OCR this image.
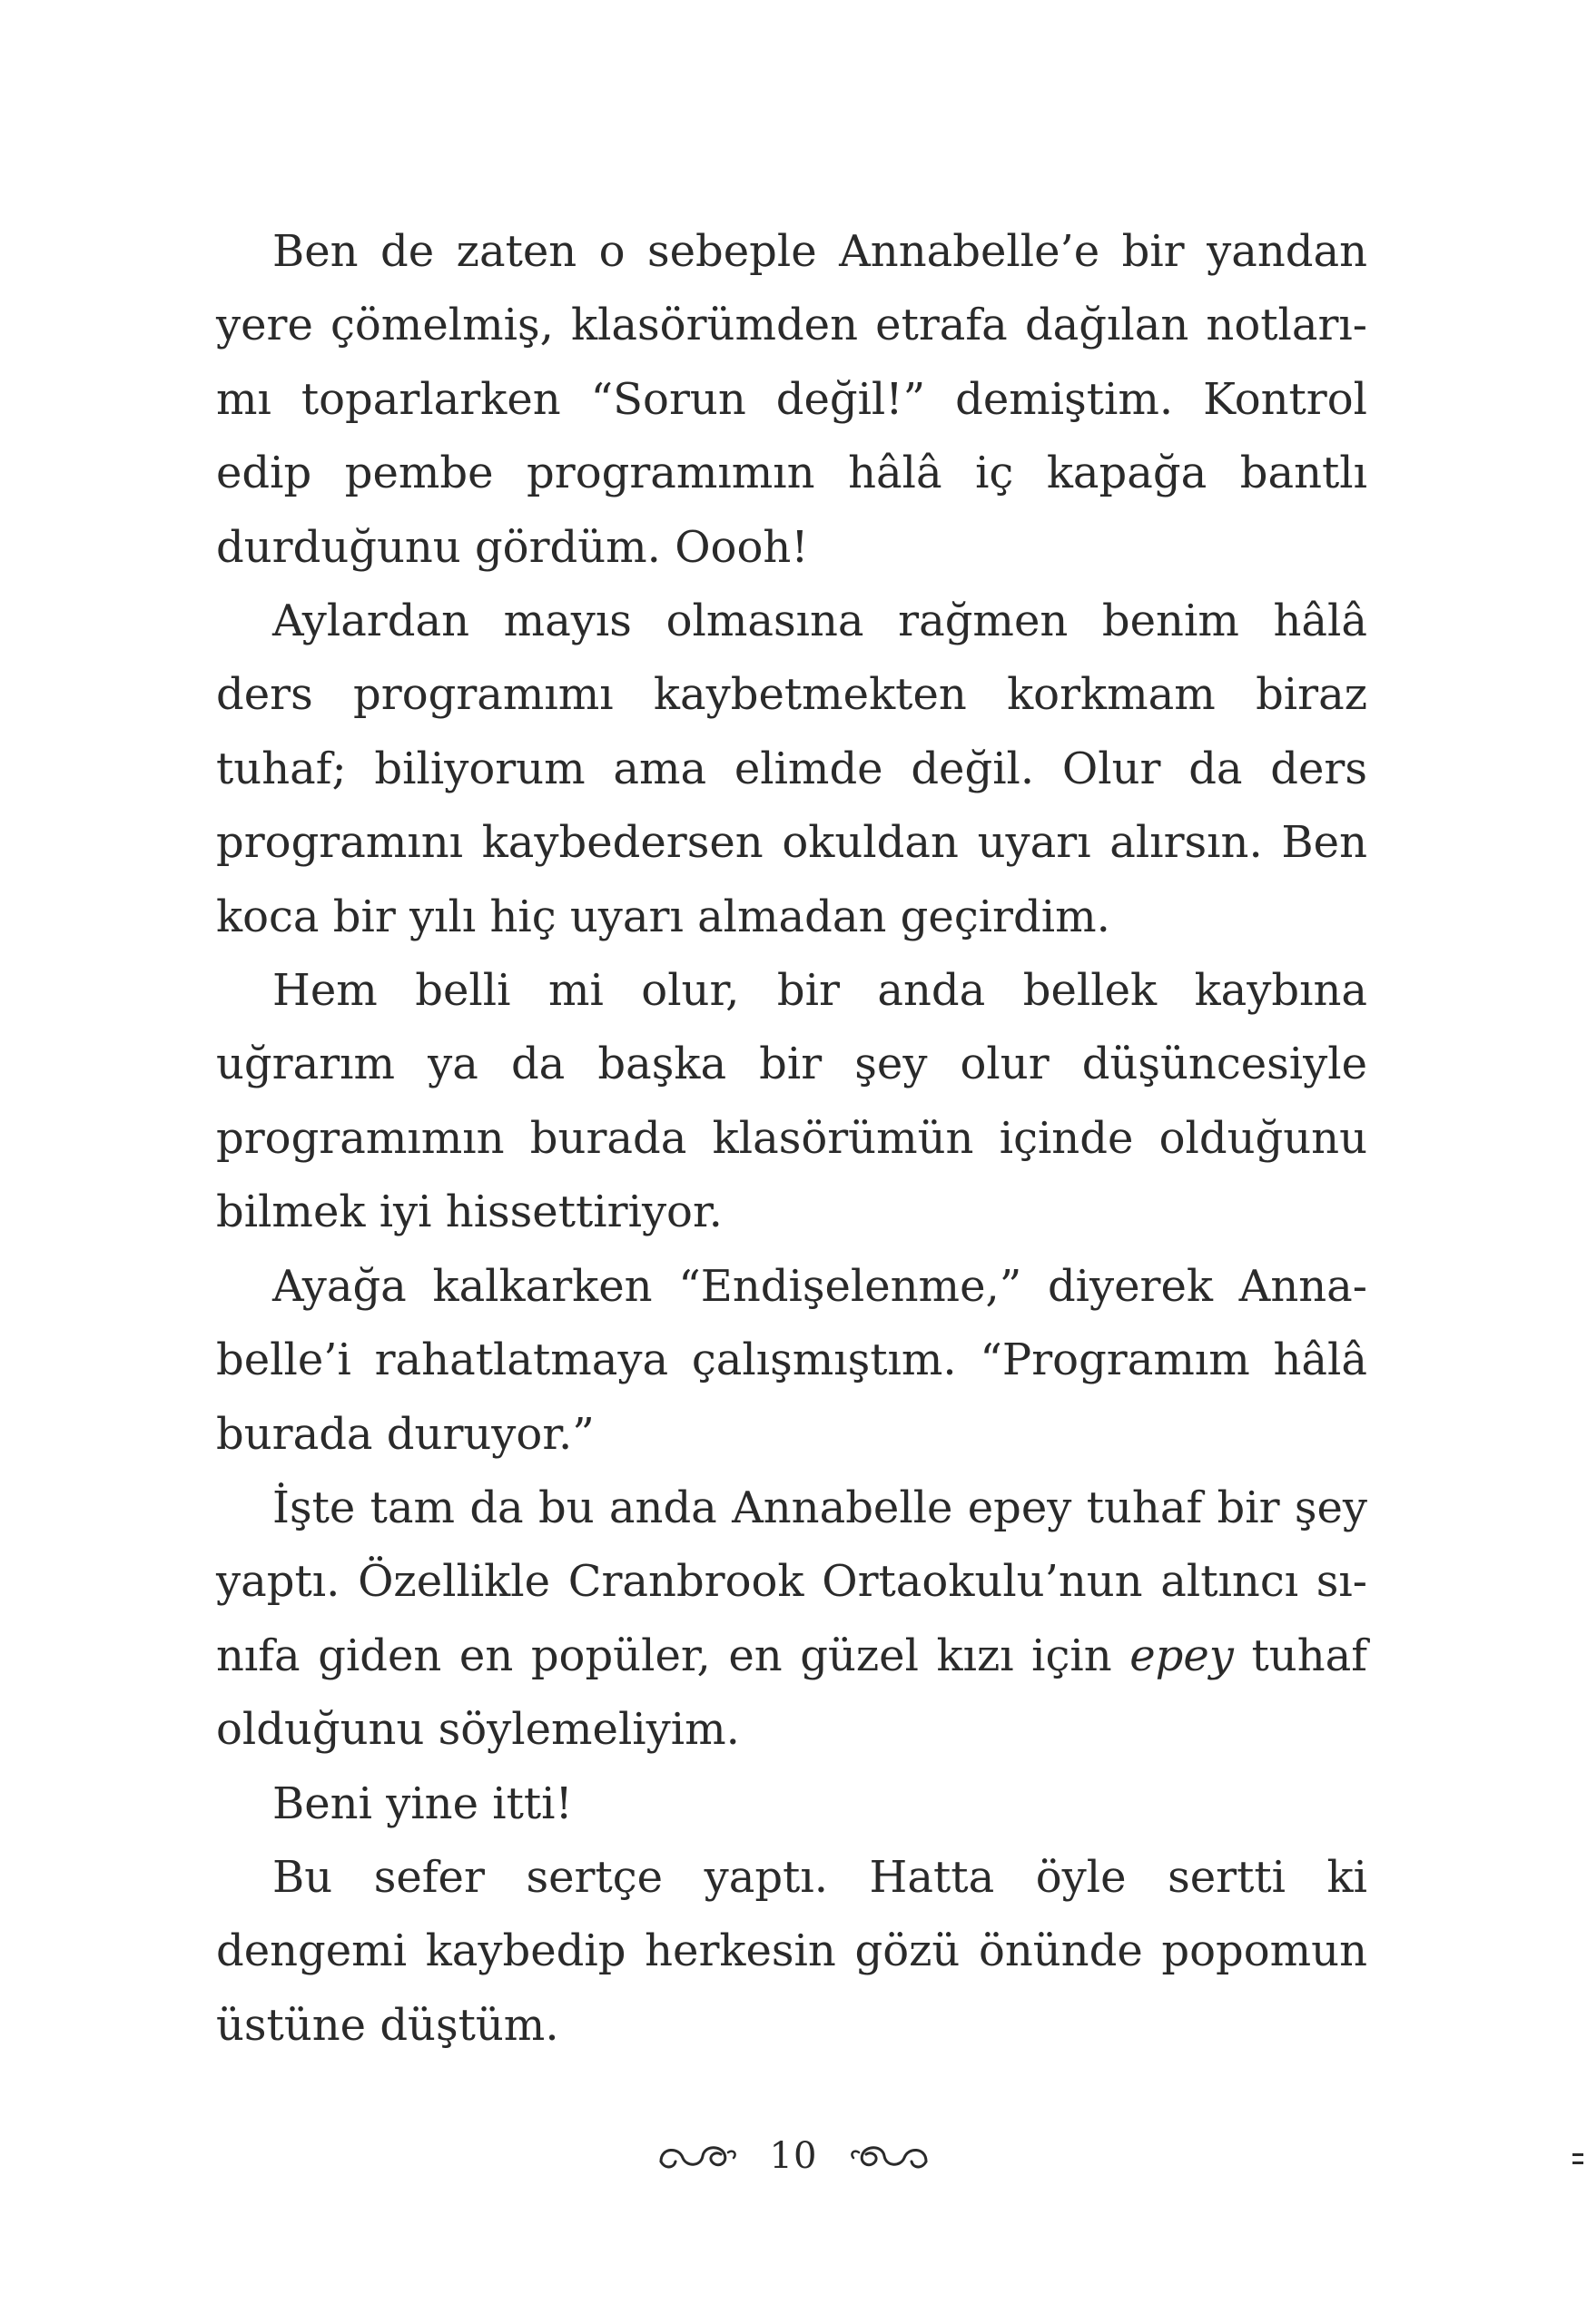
Ben de zaten o sebeple Annabelle’e bir yandan yere çömelmiş, klasörümden etrafa dağılan notlarımı toparlarken “Sorun değil!” demiştim. Kontrol edip pembe programımın hâlâ iç kapağa bantlı durduğunu gördüm. Oooh!

Aylardan mayıs olmasına rağmen benim hâlâ ders programımı kaybetmekten korkmam biraz tuhaf; biliyorum ama elimde değil. Olur da ders programını kaybedersen okuldan uyarı alırsın. Ben koca bir yılı hiç uyarı almadan geçirdim.

Hem belli mi olur, bir anda bellek kaybına uğrarım ya da başka bir şey olur düşüncesiyle programımın burada klasörümün içinde olduğunu bilmek iyi hissettiriyor.

Ayağa kalkarken “Endişelenme,” diyerek Annabelle’i rahatlatmaya çalışmıştım. “Programım hâlâ burada duruyor.”

İşte tam da bu anda Annabelle epey tuhaf bir şey yaptı. Özellikle Cranbrook Ortaokulu’nun altıncı sınıfa giden en popüler, en güzel kızı için epey tuhaf olduğunu söylemeliyim.

Beni yine itti!

Bu sefer sertçe yaptı. Hatta öyle sertti ki dengemi kaybedip herkesin gözü önünde popomun üstüne düştüm.

10
